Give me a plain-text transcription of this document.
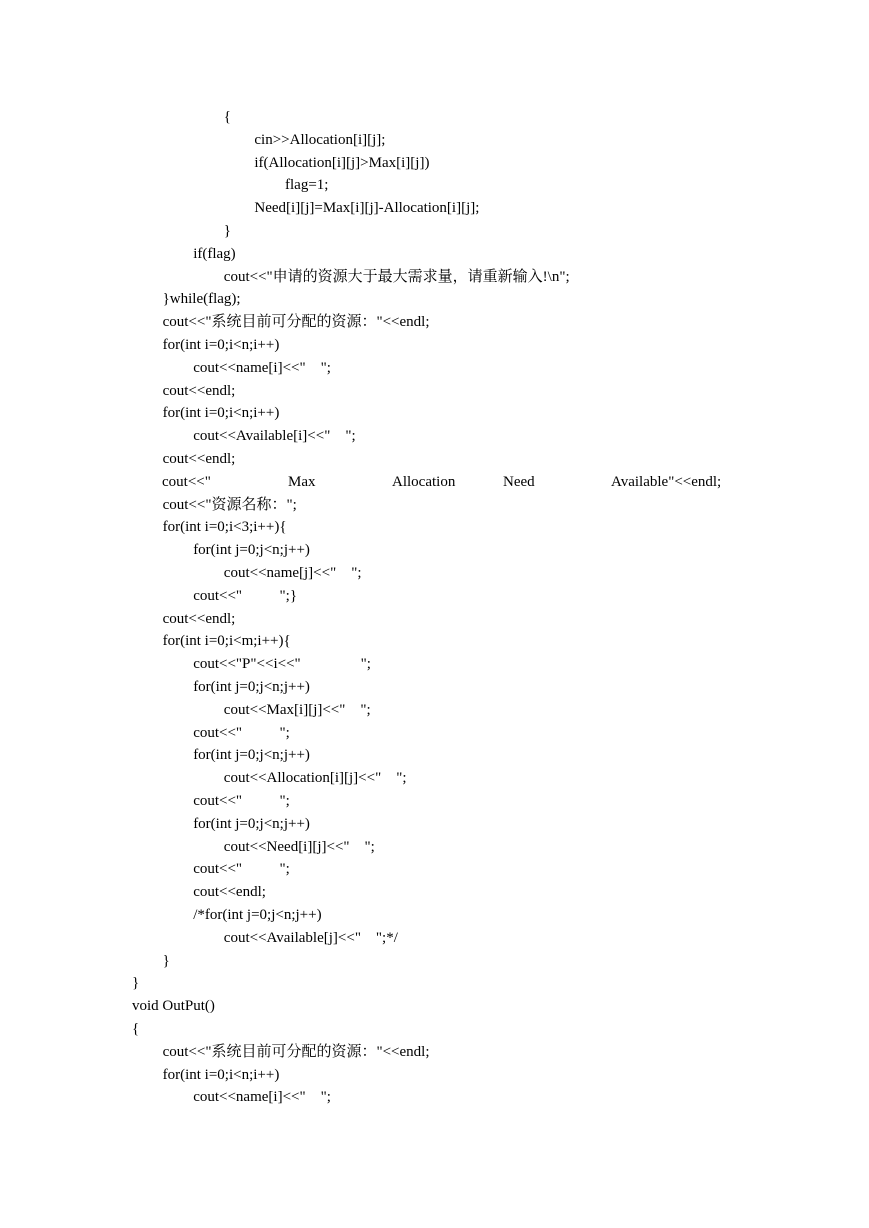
{
cin>>Allocation[i][j];
if(Allocation[i][j]>Max[i][j])
flag=1;
Need[i][j]=Max[i][j]-Allocation[i][j];
}
if(flag)
cout<<"申请的资源大于最大需求量，请重新输入!\n";
}while(flag);
cout<<"系统目前可分配的资源："<<endl;
for(int i=0;i<n;i++)
cout<<name[i]<<"    ";
cout<<endl;
for(int i=0;i<n;i++)
cout<<Available[i]<<"    ";
cout<<endl;
cout<<"	Max	Allocation	Need	Available"<<endl;
cout<<"资源名称：";
for(int i=0;i<3;i++){
for(int j=0;j<n;j++)
cout<<name[j]<<"    ";
cout<<"          ";}
cout<<endl;
for(int i=0;i<m;i++){
cout<<"P"<<i<<"                ";
for(int j=0;j<n;j++)
cout<<Max[i][j]<<"    ";
cout<<"          ";
for(int j=0;j<n;j++)
cout<<Allocation[i][j]<<"    ";
cout<<"          ";
for(int j=0;j<n;j++)
cout<<Need[i][j]<<"    ";
cout<<"          ";
cout<<endl;
/*for(int j=0;j<n;j++)
cout<<Available[j]<<"    ";*/
}
}
void OutPut()
{
cout<<"系统目前可分配的资源："<<endl;
for(int i=0;i<n;i++)
cout<<name[i]<<"    ";
